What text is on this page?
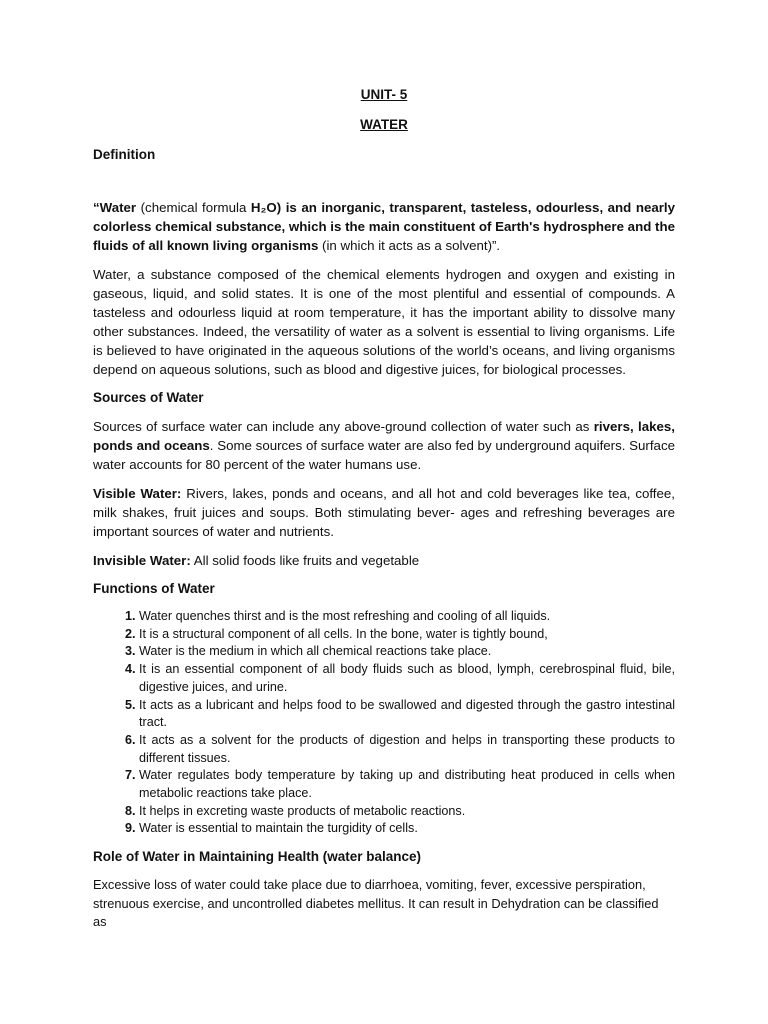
UNIT- 5
WATER
Definition

“Water (chemical formula H₂O) is an inorganic, transparent, tasteless, odourless, and nearly colorless chemical substance, which is the main constituent of Earth's hydrosphere and the fluids of all known living organisms (in which it acts as a solvent)”.

Water, a substance composed of the chemical elements hydrogen and oxygen and existing in gaseous, liquid, and solid states. It is one of the most plentiful and essential of compounds. A tasteless and odourless liquid at room temperature, it has the important ability to dissolve many other substances. Indeed, the versatility of water as a solvent is essential to living organisms. Life is believed to have originated in the aqueous solutions of the world’s oceans, and living organisms depend on aqueous solutions, such as blood and digestive juices, for biological processes.

Sources of Water

Sources of surface water can include any above-ground collection of water such as rivers, lakes, ponds and oceans. Some sources of surface water are also fed by underground aquifers. Surface water accounts for 80 percent of the water humans use.

Visible Water: Rivers, lakes, ponds and oceans, and all hot and cold beverages like tea, coffee, milk shakes, fruit juices and soups. Both stimulating bever- ages and refreshing beverages are important sources of water and nutrients.

Invisible Water: All solid foods like fruits and vegetable

Functions of Water
1. Water quenches thirst and is the most refreshing and cooling of all liquids.
2. It is a structural component of all cells. In the bone, water is tightly bound,
3. Water is the medium in which all chemical reactions take place.
4. It is an essential component of all body fluids such as blood, lymph, cerebrospinal fluid, bile, digestive juices, and urine.
5. It acts as a lubricant and helps food to be swallowed and digested through the gastro intestinal tract.
6. It acts as a solvent for the products of digestion and helps in transporting these products to different tissues.
7. Water regulates body temperature by taking up and distributing heat produced in cells when metabolic reactions take place.
8. It helps in excreting waste products of metabolic reactions.
9. Water is essential to maintain the turgidity of cells.
Role of Water in Maintaining Health (water balance)

Excessive loss of water could take place due to diarrhoea, vomiting, fever, excessive perspiration, strenuous exercise, and uncontrolled diabetes mellitus. It can result in Dehydration can be classified as
